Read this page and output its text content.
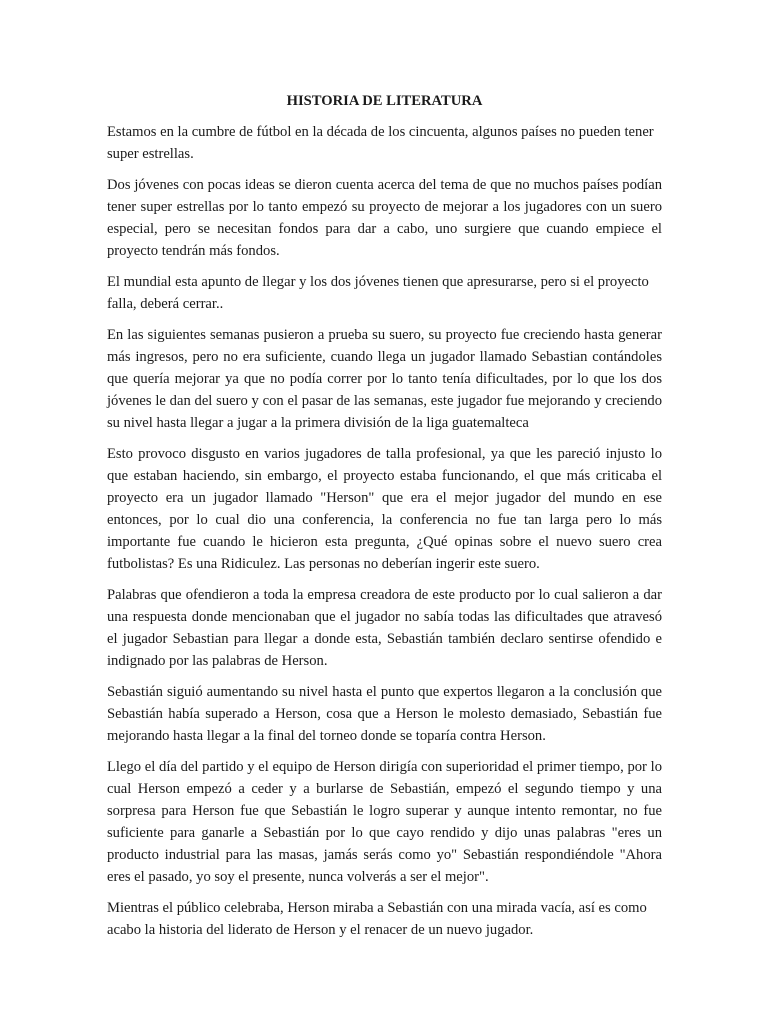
HISTORIA DE LITERATURA

Estamos en la cumbre de fútbol en la década de los cincuenta, algunos países no pueden tener super estrellas.

Dos jóvenes con pocas ideas se dieron cuenta acerca del tema de que no muchos países podían tener super estrellas por lo tanto empezó su proyecto de mejorar a los jugadores con un suero especial, pero se necesitan fondos para dar a cabo, uno surgiere que cuando empiece el proyecto tendrán más fondos.

El mundial esta apunto de llegar y los dos jóvenes tienen que apresurarse, pero si el proyecto falla, deberá cerrar..

En las siguientes semanas pusieron a prueba su suero, su proyecto fue creciendo hasta generar más ingresos, pero no era suficiente, cuando llega un jugador llamado Sebastian contándoles que quería mejorar ya que no podía correr por lo tanto tenía dificultades, por lo que los dos jóvenes le dan del suero y con el pasar de las semanas, este jugador fue mejorando y creciendo su nivel hasta llegar a jugar a la primera división de la liga guatemalteca

Esto provoco disgusto en varios jugadores de talla profesional, ya que les pareció injusto lo que estaban haciendo, sin embargo, el proyecto estaba funcionando, el que más criticaba el proyecto era un jugador llamado "Herson" que era el mejor jugador del mundo en ese entonces, por lo cual dio una conferencia, la conferencia no fue tan larga pero lo más importante fue cuando le hicieron esta pregunta, ¿Qué opinas sobre el nuevo suero crea futbolistas? Es una Ridiculez. Las personas no deberían ingerir este suero.

Palabras que ofendieron a toda la empresa creadora de este producto por lo cual salieron a dar una respuesta donde mencionaban que el jugador no sabía todas las dificultades que atravesó el jugador Sebastian para llegar a donde esta, Sebastián también declaro sentirse ofendido e indignado por las palabras de Herson.

Sebastián siguió aumentando su nivel hasta el punto que expertos llegaron a la conclusión que Sebastián había superado a Herson, cosa que a Herson le molesto demasiado, Sebastián fue mejorando hasta llegar a la final del torneo donde se toparía contra Herson.

Llego el día del partido y el equipo de Herson dirigía con superioridad el primer tiempo, por lo cual Herson empezó a ceder y a burlarse de Sebastián, empezó el segundo tiempo y una sorpresa para Herson fue que Sebastián le logro superar y aunque intento remontar, no fue suficiente para ganarle a Sebastián por lo que cayo rendido y dijo unas palabras "eres un producto industrial para las masas, jamás serás como yo" Sebastián respondiéndole "Ahora eres el pasado, yo soy el presente, nunca volverás a ser el mejor".

Mientras el público celebraba, Herson miraba a Sebastián con una mirada vacía, así es como acabo la historia del liderato de Herson y el renacer de un nuevo jugador.
